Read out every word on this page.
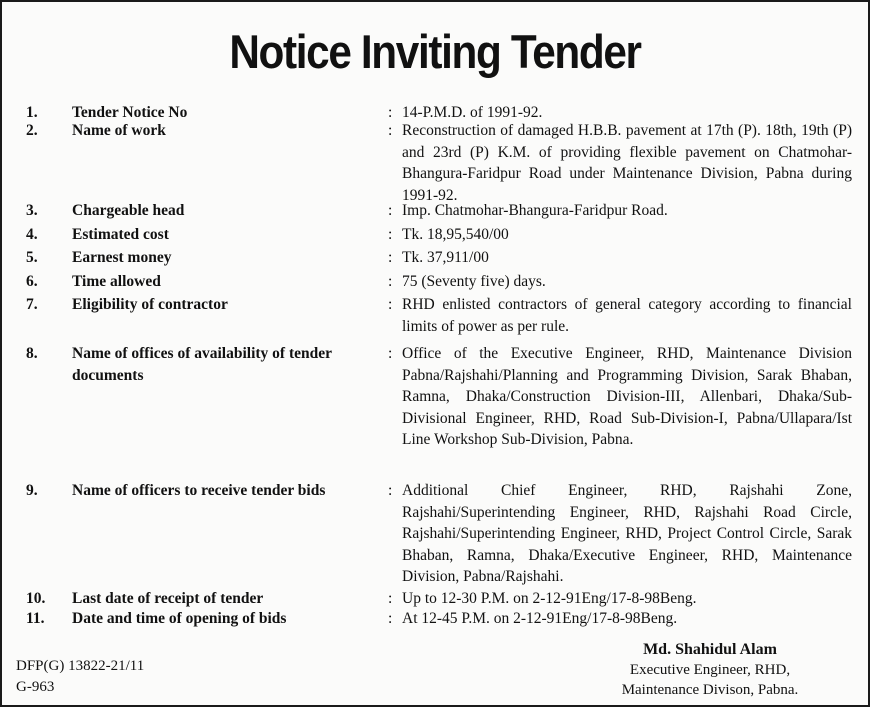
Notice Inviting Tender
1. Tender Notice No	: 14-P.M.D. of 1991-92.
2. Name of work	: Reconstruction of damaged H.B.B. pavement at 17th (P). 18th, 19th (P) and 23rd (P) K.M. of providing flexible pavement on Chatmohar-Bhangura-Faridpur Road under Maintenance Division, Pabna during 1991-92.
3. Chargeable head	: Imp. Chatmohar-Bhangura-Faridpur Road.
4. Estimated cost	: Tk. 18,95,540/00
5. Earnest money	: Tk. 37,911/00
6. Time allowed	: 75 (Seventy five) days.
7. Eligibility of contractor	: RHD enlisted contractors of general category according to financial limits of power as per rule.
8. Name of offices of availability of tender documents
: Office of the Executive Engineer, RHD, Maintenance Division Pabna/Rajshahi/Planning and Programming Division, Sarak Bhaban, Ramna, Dhaka/Construction Division-III, Allenbari, Dhaka/Sub-Divisional Engineer, RHD, Road Sub-Division-I, Pabna/Ullapara/Ist Line Workshop Sub-Division, Pabna.
9. Name of officers to receive tender bids	: Additional Chief Engineer, RHD, Rajshahi Zone, Rajshahi/Superintending Engineer, RHD, Rajshahi Road Circle, Rajshahi/Superintending Engineer, RHD, Project Control Circle, Sarak Bhaban, Ramna, Dhaka/Executive Engineer, RHD, Maintenance Division, Pabna/Rajshahi.
10. Last date of receipt of tender	: Up to 12-30 P.M. on 2-12-91Eng/17-8-98Beng.
11. Date and time of opening of bids	: At 12-45 P.M. on 2-12-91Eng/17-8-98Beng.
DFP(G) 13822-21/11
G-963
Md. Shahidul Alam
Executive Engineer, RHD,
Maintenance Divison, Pabna.
